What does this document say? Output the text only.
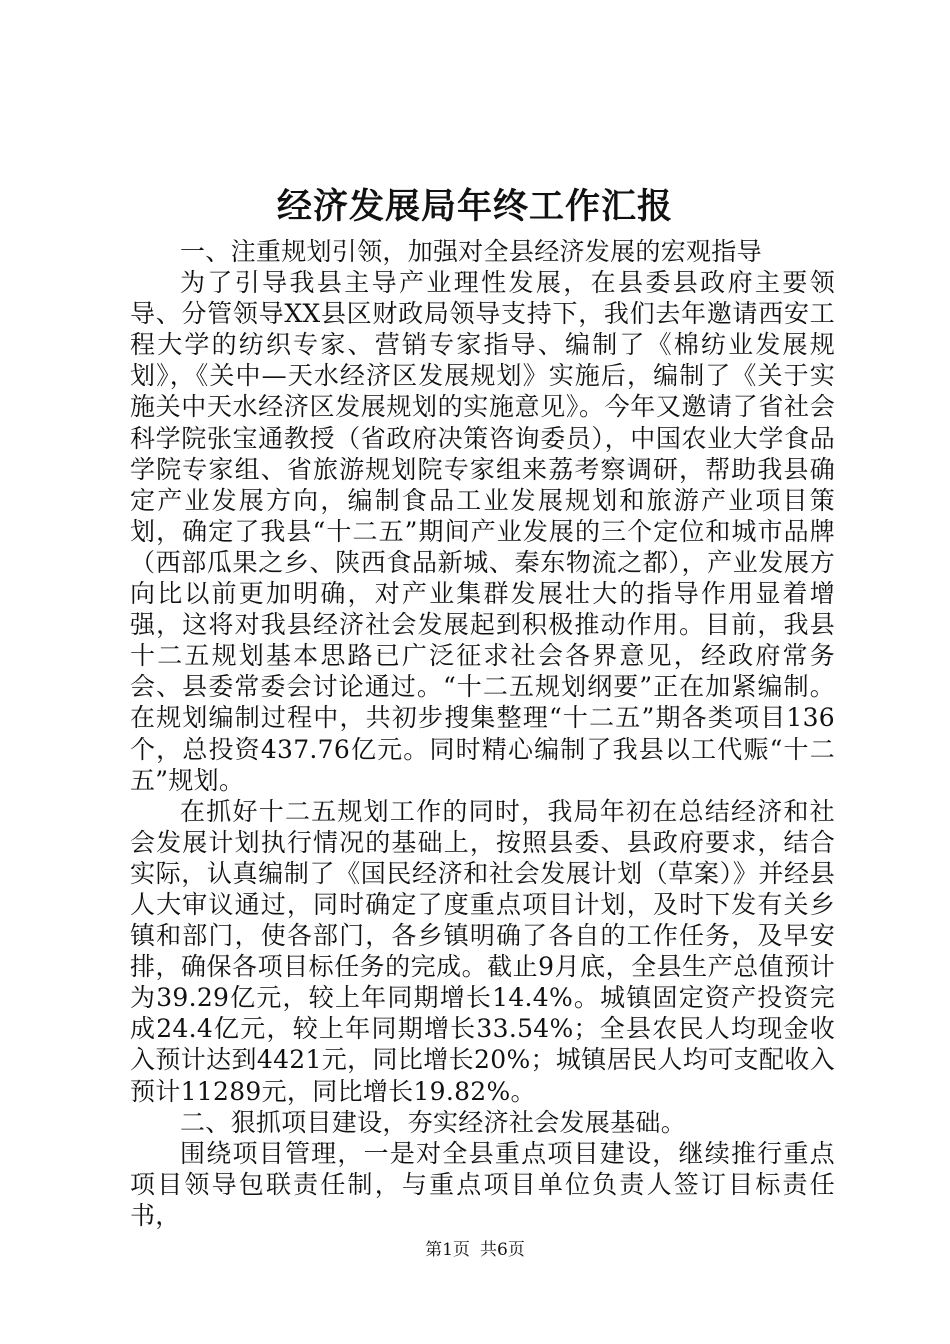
经济发展局年终工作汇报

一、注重规划引领，加强对全县经济发展的宏观指导

为了引导我县主导产业理性发展，在县委县政府主要领导、分管领导XX县区财政局领导支持下，我们去年邀请西安工程大学的纺织专家、营销专家指导、编制了《棉纺业发展规划》，《关中—天水经济区发展规划》实施后，编制了《关于实施关中天水经济区发展规划的实施意见》。今年又邀请了省社会科学院张宝通教授（省政府决策咨询委员），中国农业大学食品学院专家组、省旅游规划院专家组来荔考察调研，帮助我县确定产业发展方向，编制食品工业发展规划和旅游产业项目策划，确定了我县“十二五”期间产业发展的三个定位和城市品牌（西部瓜果之乡、陕西食品新城、秦东物流之都），产业发展方向比以前更加明确，对产业集群发展壮大的指导作用显着增强，这将对我县经济社会发展起到积极推动作用。目前，我县十二五规划基本思路已广泛征求社会各界意见，经政府常务会、县委常委会讨论通过。“十二五规划纲要”正在加紧编制。在规划编制过程中，共初步搜集整理“十二五”期各类项目136个，总投资437.76亿元。同时精心编制了我县以工代赈“十二五”规划。

在抓好十二五规划工作的同时，我局年初在总结经济和社会发展计划执行情况的基础上，按照县委、县政府要求，结合实际，认真编制了《国民经济和社会发展计划（草案）》并经县人大审议通过，同时确定了度重点项目计划，及时下发有关乡镇和部门，使各部门，各乡镇明确了各自的工作任务，及早安排，确保各项目标任务的完成。截止9月底，全县生产总值预计为39.29亿元，较上年同期增长14.4%。城镇固定资产投资完成24.4亿元，较上年同期增长33.54%；全县农民人均现金收入预计达到4421元，同比增长20%；城镇居民人均可支配收入预计11289元，同比增长19.82%。

二、狠抓项目建设，夯实经济社会发展基础。

围绕项目管理，一是对全县重点项目建设，继续推行重点项目领导包联责任制，与重点项目单位负责人签订目标责任书，

第1页 共6页
